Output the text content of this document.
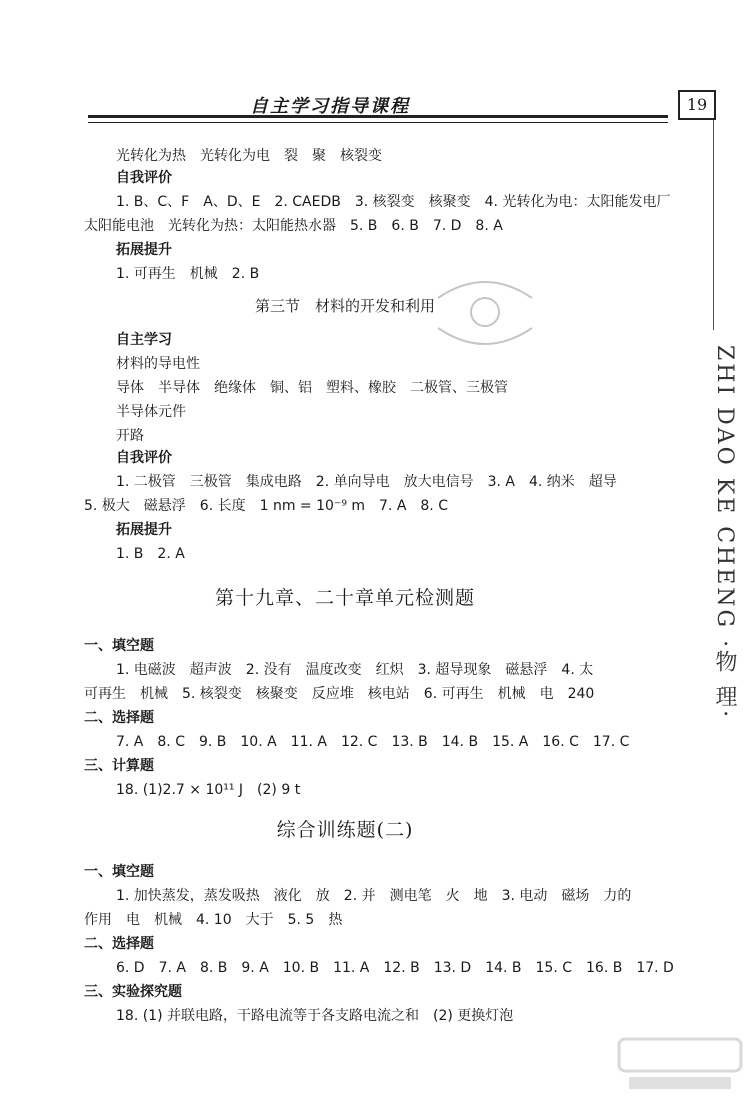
自主学习指导课程	19
ZHI DAO KE CHENG ·物 理·
光转化为热　光转化为电　裂　聚　核裂变
自我评价
1. B、C、F　A、D、E　2. CAEDB　3. 核裂变　核聚变　4. 光转化为电：太阳能发电厂
太阳能电池　光转化为热：太阳能热水器　5. B　6. B　7. D　8. A
拓展提升
1. 可再生　机械　2. B
第三节　材料的开发和利用
自主学习
材料的导电性
导体　半导体　绝缘体　铜、铝　塑料、橡胶　二极管、三极管
半导体元件
开路
自我评价
1. 二极管　三极管　集成电路　2. 单向导电　放大电信号　3. A　4. 纳米　超导
5. 极大　磁悬浮　6. 长度　1 nm = 10⁻⁹ m　7. A　8. C
拓展提升
1. B　2. A
第十九章、二十章单元检测题
一、填空题
1. 电磁波　超声波　2. 没有　温度改变　红炽　3. 超导现象　磁悬浮　4. 太
可再生　机械　5. 核裂变　核聚变　反应堆　核电站　6. 可再生　机械　电　240
二、选择题
7. A　8. C　9. B　10. A　11. A　12. C　13. B　14. B　15. A　16. C　17. C
三、计算题
18. (1)2.7 × 10¹¹ J　(2) 9 t
综合训练题(二)
一、填空题
1. 加快蒸发，蒸发吸热　液化　放　2. 并　测电笔　火　地　3. 电动　磁场　力的
作用　电　机械　4. 10　大于　5. 5　热
二、选择题
6. D　7. A　8. B　9. A　10. B　11. A　12. B　13. D　14. B　15. C　16. B　17. D
三、实验探究题
18. (1) 并联电路，干路电流等于各支路电流之和　(2) 更换灯泡
